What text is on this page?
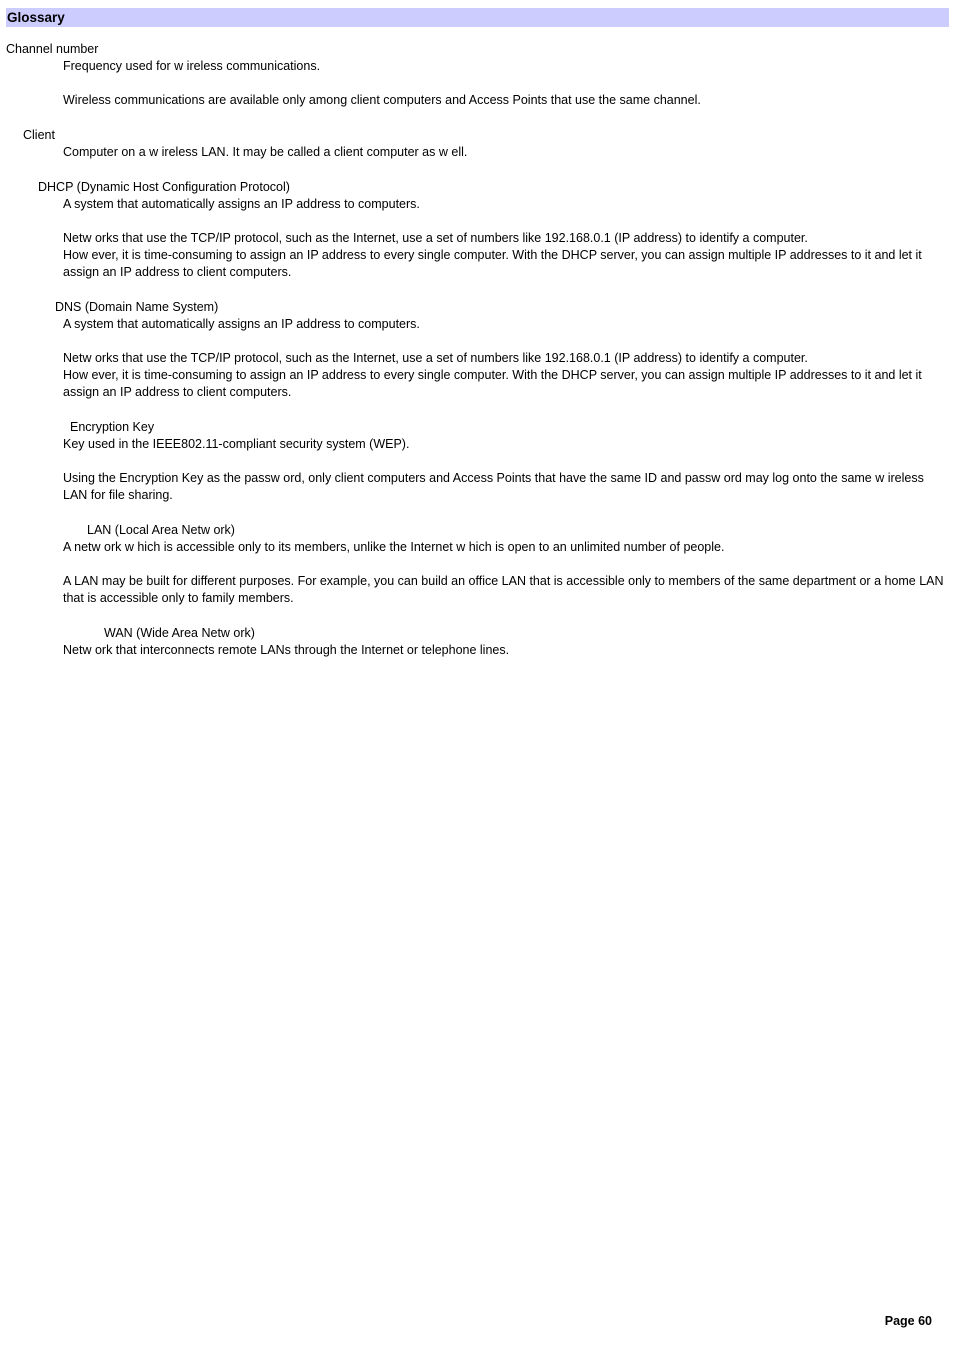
Glossary
Channel number

Frequency used for w ireless communications.

Wireless communications are available only among client computers and Access Points that use the same channel.

Client

Computer on a w ireless LAN. It may be called a client computer as w ell.

DHCP (Dynamic Host Configuration Protocol)

A system that automatically assigns an IP address to computers.

Netw orks that use the TCP/IP protocol, such as the Internet, use a set of numbers like 192.168.0.1 (IP address) to identify a computer.

How ever, it is time-consuming to assign an IP address to every single computer. With the DHCP server, you can assign multiple IP addresses to it and let it assign an IP address to client computers.

DNS (Domain Name System)

A system that automatically assigns an IP address to computers.

Netw orks that use the TCP/IP protocol, such as the Internet, use a set of numbers like 192.168.0.1 (IP address) to identify a computer.

How ever, it is time-consuming to assign an IP address to every single computer. With the DHCP server, you can assign multiple IP addresses to it and let it assign an IP address to client computers.

Encryption Key

Key used in the IEEE802.11-compliant security system (WEP).

Using the Encryption Key as the passw ord, only client computers and Access Points that have the same ID and passw ord may log onto the same w ireless LAN for file sharing.

LAN (Local Area Netw ork)

A netw ork w hich is accessible only to its members, unlike the Internet w hich is open to an unlimited number of people.

A LAN may be built for different purposes. For example, you can build an office LAN that is accessible only to members of the same department or a home LAN that is accessible only to family members.

WAN (Wide Area Netw ork)

Netw ork that interconnects remote LANs through the Internet or telephone lines.

Page 60
